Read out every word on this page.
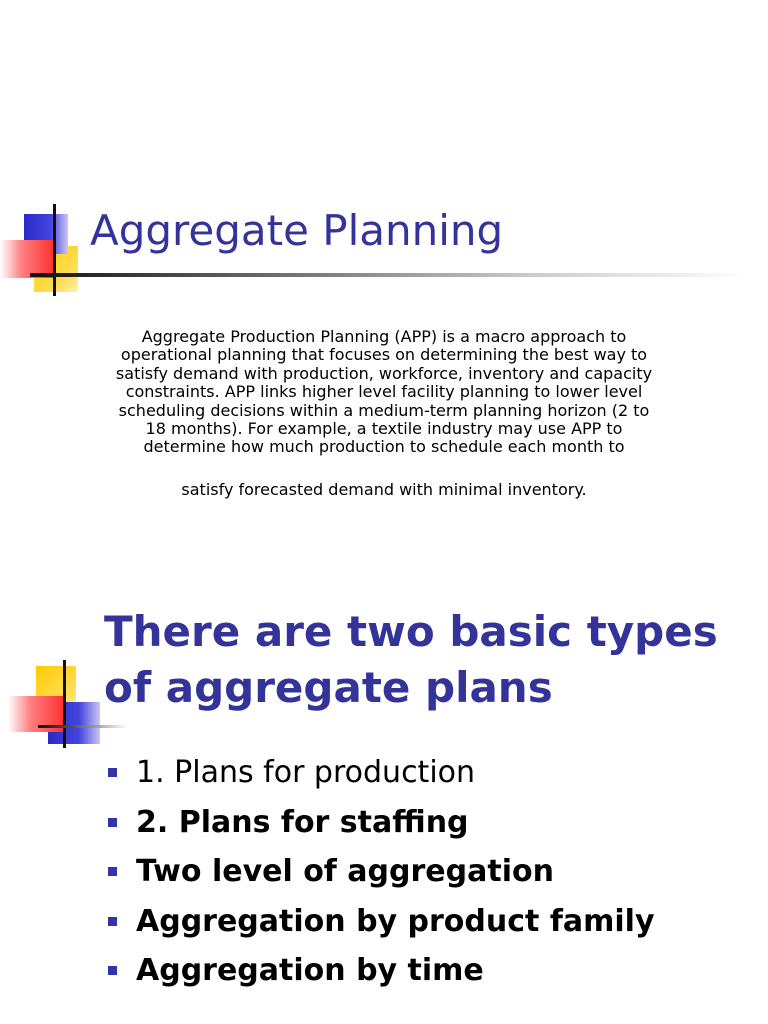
Aggregate Planning

Aggregate Production Planning (APP) is a macro approach to operational planning that focuses on determining the best way to satisfy demand with production, workforce, inventory and capacity constraints. APP links higher level facility planning to lower level scheduling decisions within a medium-term planning horizon (2 to 18 months). For example, a textile industry may use APP to determine how much production to schedule each month to

satisfy forecasted demand with minimal inventory.

There are two basic types
of aggregate plans
1. Plans for production
2. Plans for staffing
Two level of aggregation
Aggregation by product family
Aggregation by time
